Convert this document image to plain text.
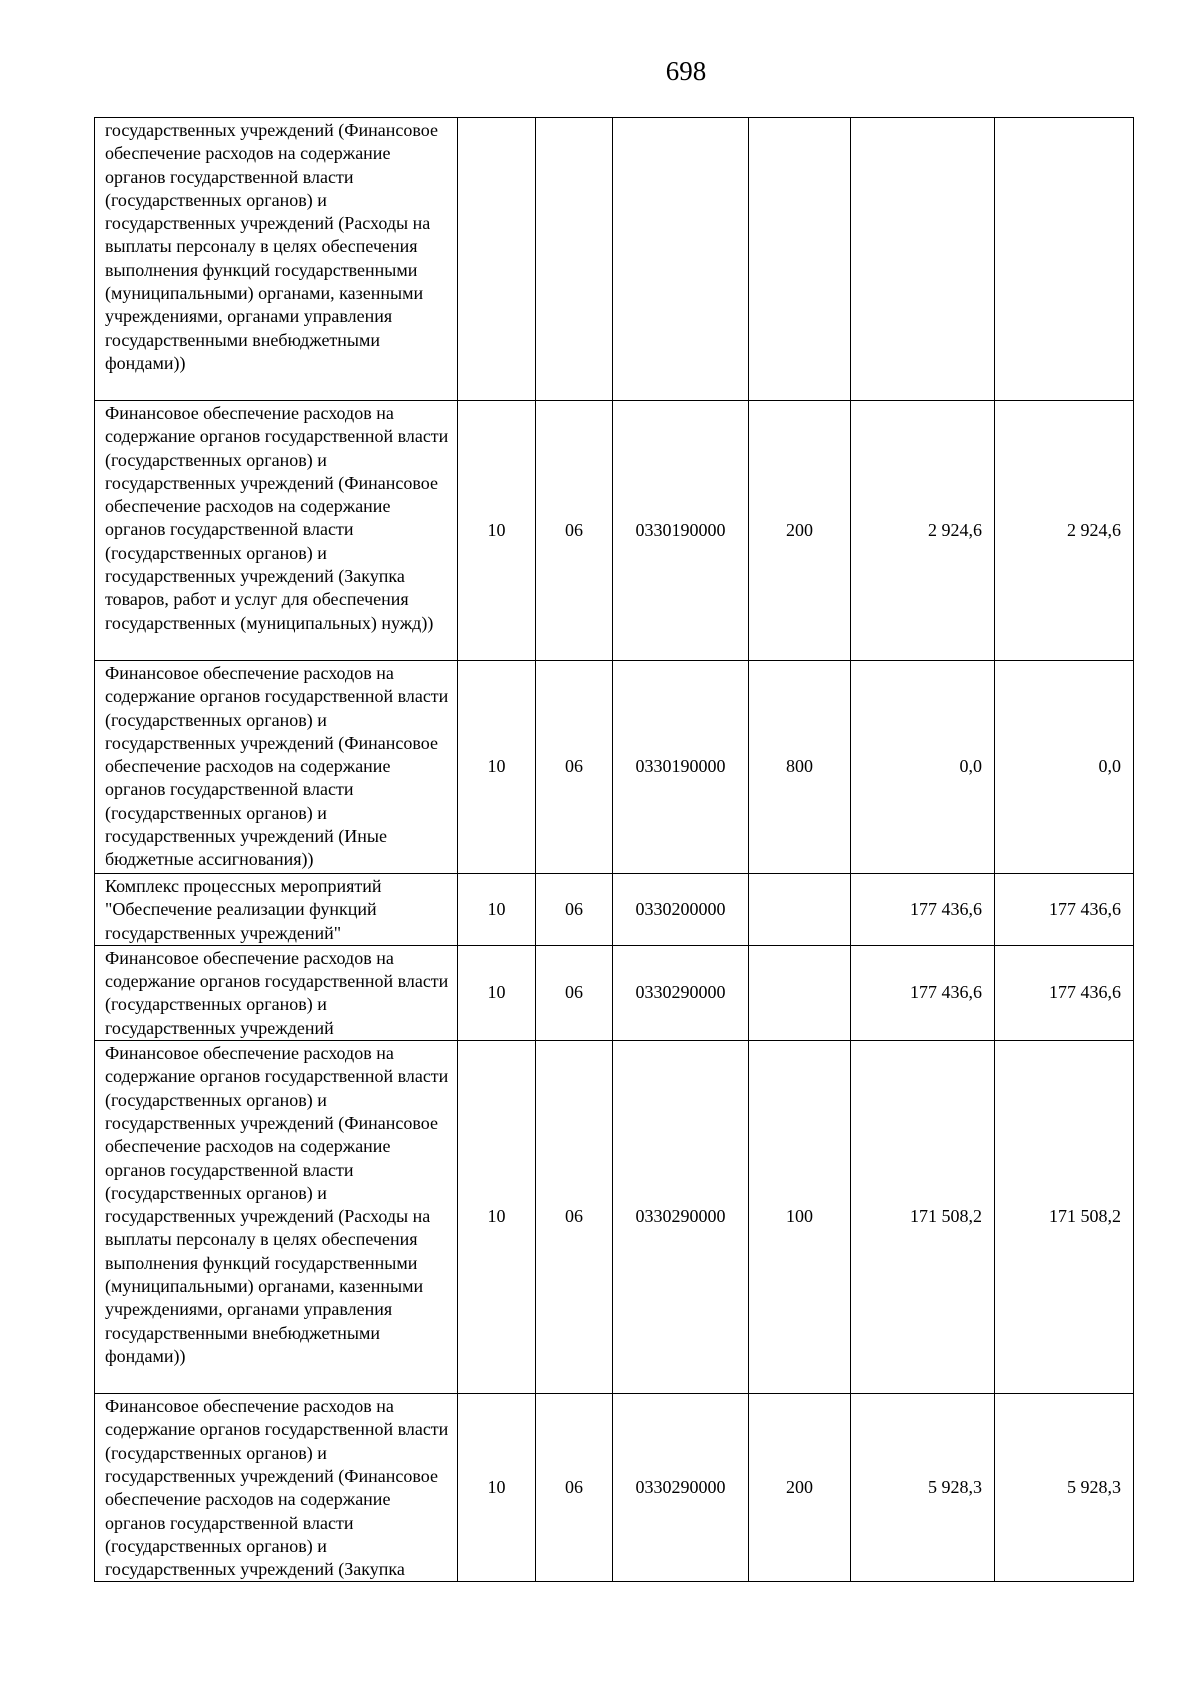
698
государственных учреждений (Финансовое обеспечение расходов на содержание органов государственной власти (государственных органов) и государственных учреждений (Расходы на выплаты персоналу в целях обеспечения выполнения функций государственными (муниципальными) органами, казенными учреждениями, органами управления государственными внебюджетными фондами))						
Финансовое обеспечение расходов на содержание органов государственной власти (государственных органов) и государственных учреждений (Финансовое обеспечение расходов на содержание органов государственной власти (государственных органов) и государственных учреждений (Закупка товаров, работ и услуг для обеспечения государственных (муниципальных) нужд))	10	06	0330190000	200	2 924,6	2 924,6
Финансовое обеспечение расходов на содержание органов государственной власти (государственных органов) и государственных учреждений (Финансовое обеспечение расходов на содержание органов государственной власти (государственных органов) и государственных учреждений (Иные бюджетные ассигнования))	10	06	0330190000	800	0,0	0,0
Комплекс процессных мероприятий "Обеспечение реализации функций государственных учреждений"	10	06	0330200000		177 436,6	177 436,6
Финансовое обеспечение расходов на содержание органов государственной власти (государственных органов) и государственных учреждений	10	06	0330290000		177 436,6	177 436,6
Финансовое обеспечение расходов на содержание органов государственной власти (государственных органов) и государственных учреждений (Финансовое обеспечение расходов на содержание органов государственной власти (государственных органов) и государственных учреждений (Расходы на выплаты персоналу в целях обеспечения выполнения функций государственными (муниципальными) органами, казенными учреждениями, органами управления государственными внебюджетными фондами))	10	06	0330290000	100	171 508,2	171 508,2
Финансовое обеспечение расходов на содержание органов государственной власти (государственных органов) и государственных учреждений (Финансовое обеспечение расходов на содержание органов государственной власти (государственных органов) и государственных учреждений (Закупка	10	06	0330290000	200	5 928,3	5 928,3
